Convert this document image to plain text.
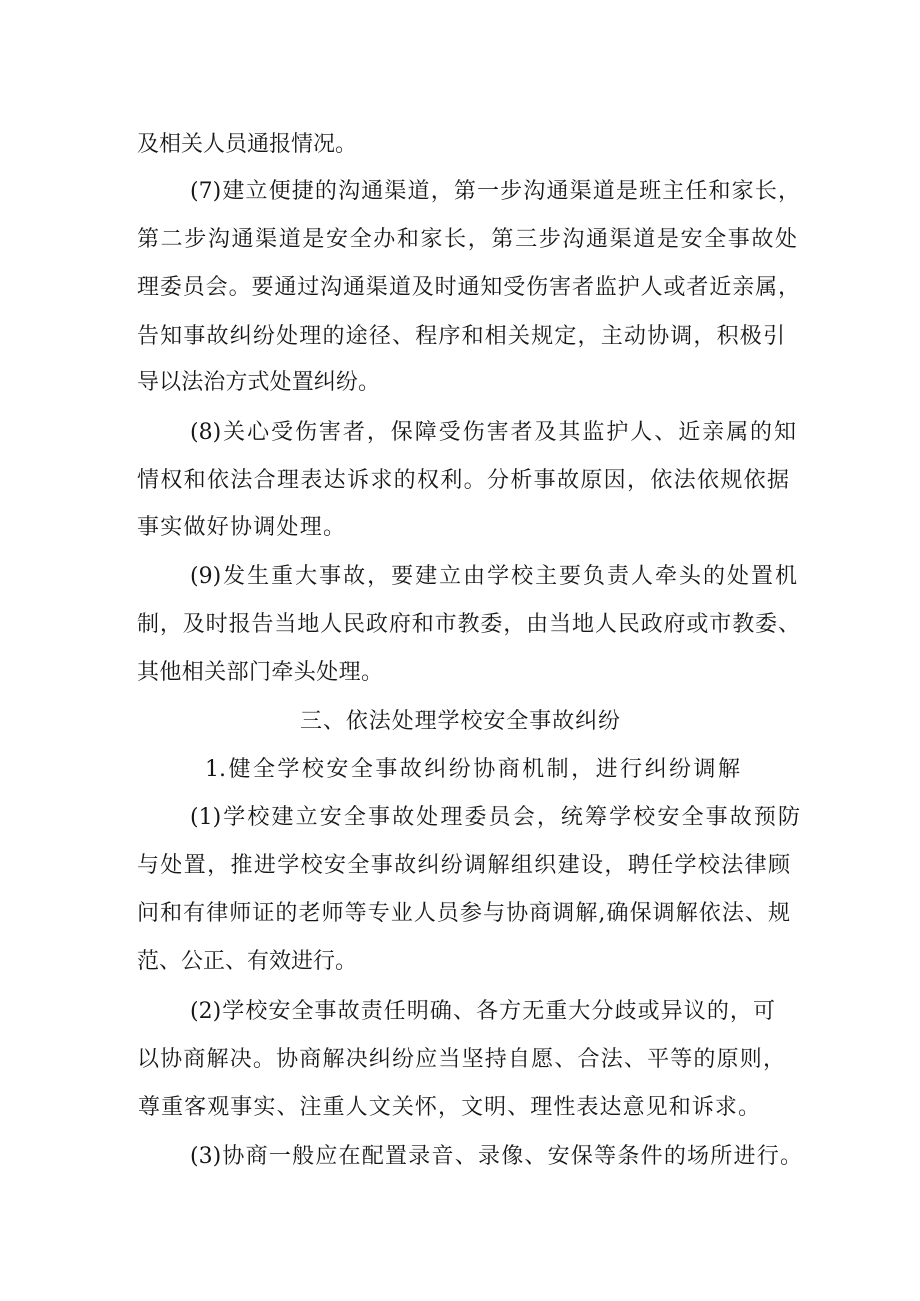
及相关人员通报情况。
(7)建立便捷的沟通渠道，第一步沟通渠道是班主任和家长，
第二步沟通渠道是安全办和家长，第三步沟通渠道是安全事故处
理委员会。要通过沟通渠道及时通知受伤害者监护人或者近亲属，
告知事故纠纷处理的途径、程序和相关规定，主动协调，积极引
导以法治方式处置纠纷。
(8)关心受伤害者，保障受伤害者及其监护人、近亲属的知
情权和依法合理表达诉求的权利。分析事故原因，依法依规依据
事实做好协调处理。
(9)发生重大事故，要建立由学校主要负责人牵头的处置机
制，及时报告当地人民政府和市教委，由当地人民政府或市教委、
其他相关部门牵头处理。
三、依法处理学校安全事故纠纷
1.健全学校安全事故纠纷协商机制，进行纠纷调解
(1)学校建立安全事故处理委员会，统筹学校安全事故预防
与处置，推进学校安全事故纠纷调解组织建设，聘任学校法律顾
问和有律师证的老师等专业人员参与协商调解,确保调解依法、规
范、公正、有效进行。
(2)学校安全事故责任明确、各方无重大分歧或异议的，可
以协商解决。协商解决纠纷应当坚持自愿、合法、平等的原则，
尊重客观事实、注重人文关怀，文明、理性表达意见和诉求。
(3)协商一般应在配置录音、录像、安保等条件的场所进行。
